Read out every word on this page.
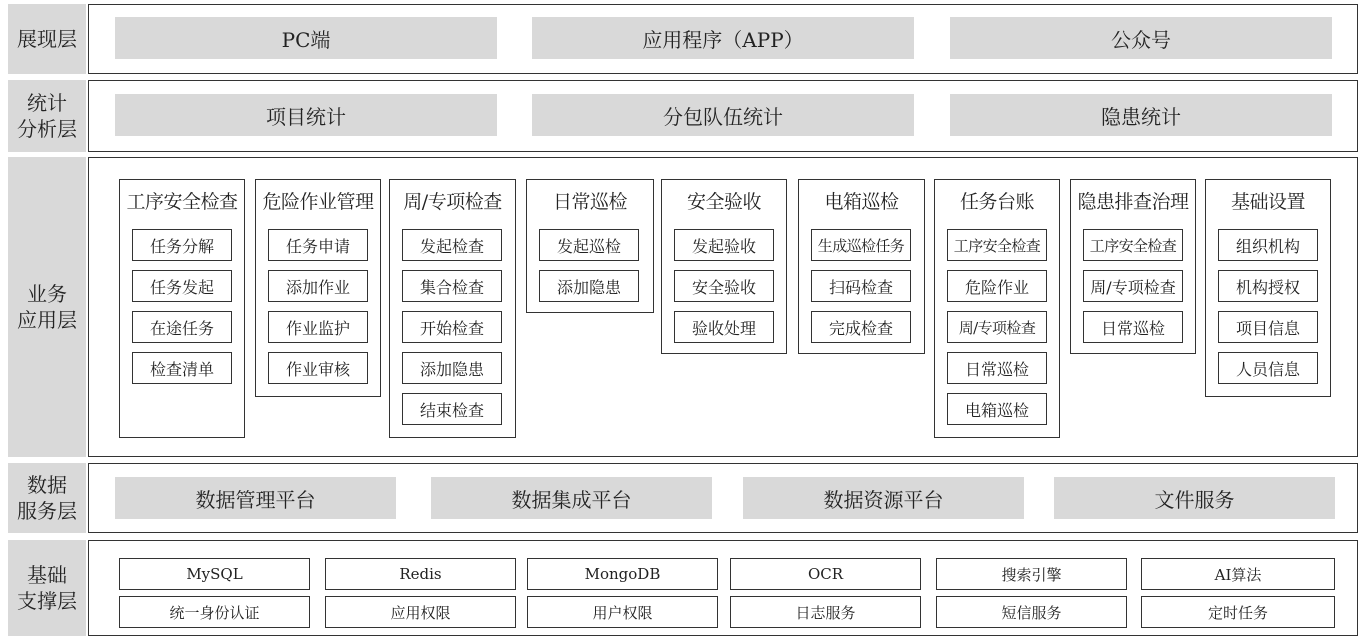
展现层	PC端	应用程序（APP）	公众号
统计
分析层
项目统计	分包队伍统计	隐患统计
业务
应用层
工序安全检查
任务分解
任务发起
在途任务
检查清单
危险作业管理
任务申请
添加作业
作业监护
作业审核
周/专项检查
发起检查
集合检查
开始检查
添加隐患
结束检查
日常巡检
发起巡检
添加隐患
安全验收
发起验收
安全验收
验收处理
电箱巡检
生成巡检任务
扫码检查
完成检查
任务台账
工序安全检查
危险作业
周/专项检查
日常巡检
电箱巡检
隐患排查治理
工序安全检查
周/专项检查
日常巡检
基础设置
组织机构
机构授权
项目信息
人员信息
数据
服务层	数据管理平台	数据集成平台	数据资源平台	文件服务
基础
支撑层
MySQL	Redis	MongoDB	OCR	搜索引擎	AI算法
统一身份认证	应用权限	用户权限	日志服务	短信服务	定时任务
